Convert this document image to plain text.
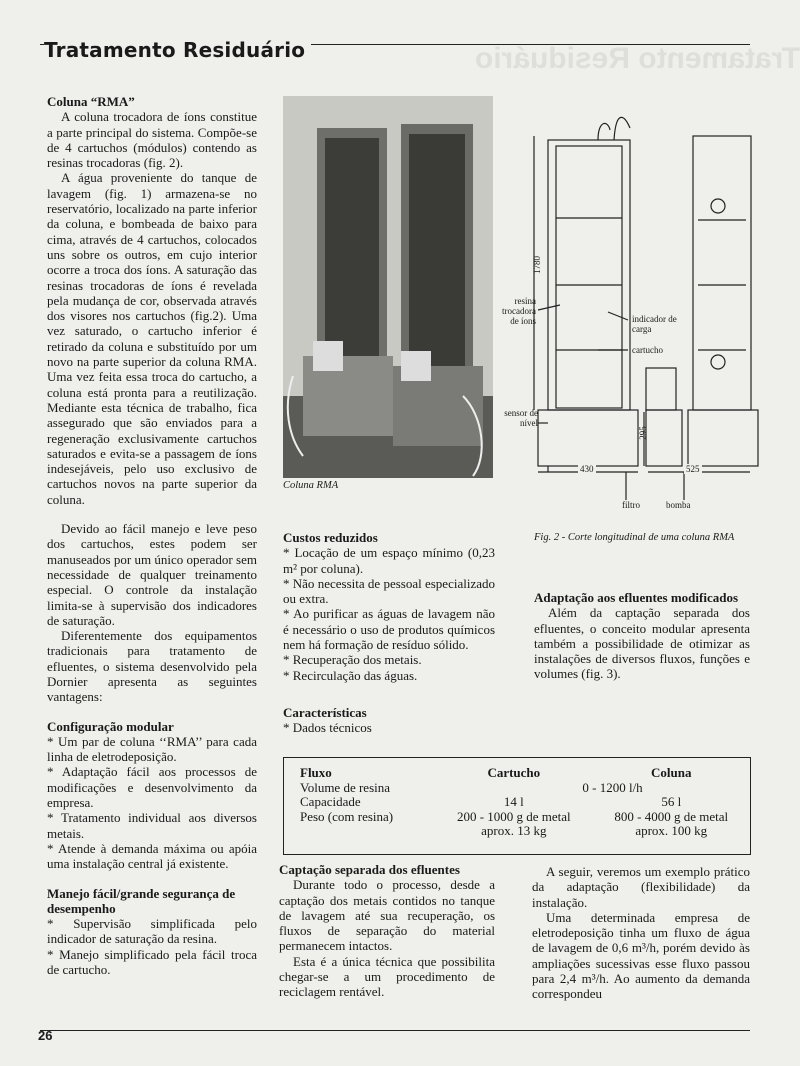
Tratamento Residuário
Tratamento Residuário
Coluna “RMA”

A coluna trocadora de íons constitue a parte principal do sistema. Compõe-se de 4 cartuchos (módulos) contendo as resinas trocadoras (fig. 2).

A água proveniente do tanque de lavagem (fig. 1) armazena-se no reservatório, localizado na parte inferior da coluna, e bombeada de baixo para cima, através de 4 cartuchos, colocados uns sobre os outros, em cujo interior ocorre a troca dos íons. A saturação das resinas trocadoras de íons é revelada pela mudança de cor, observada através dos visores nos cartuchos (fig.2). Uma vez saturado, o cartucho inferior é retirado da coluna e substituído por um novo na parte superior da coluna RMA. Uma vez feita essa troca do cartucho, a coluna está pronta para a reutilização. Mediante esta técnica de trabalho, fica assegurado que são enviados para a regeneração exclusivamente cartuchos saturados e evita-se a passagem de íons indesejáveis, pelo uso exclusivo de cartuchos novos na parte superior da coluna.

Devido ao fácil manejo e leve peso dos cartuchos, estes podem ser manuseados por um único operador sem necessidade de qualquer treinamento especial. O controle da instalação limita-se à supervisão dos indicadores de saturação.

Diferentemente dos equipamentos tradicionais para tratamento de efluentes, o sistema desenvolvido pela Dornier apresenta as seguintes vantagens:

Configuração modular

* Um par de coluna ‘‘RMA’’ para cada linha de eletrodeposição.

* Adaptação fácil aos processos de modificações e desenvolvimento da empresa.

* Tratamento individual aos diversos metais.

* Atende à demanda máxima ou apóia uma instalação central já existente.

Manejo fácil/grande segurança de desempenho

* Supervisão simplificada pelo indicador de saturação da resina.

* Manejo simplificado pela fácil troca de cartucho.

Coluna RMA
resina trocadora de íons	indicador de carga
cartucho
sensor de nível
filtro	bomba
1780
295
430	525
Fig. 2 - Corte longitudinal de uma coluna RMA
Custos reduzidos

* Locação de um espaço mínimo (0,23 m² por coluna).

* Não necessita de pessoal especializado ou extra.

* Ao purificar as águas de lavagem não é necessário o uso de produtos químicos nem há formação de resíduo sólido.

* Recuperação dos metais.

* Recirculação das águas.

Características

* Dados técnicos

Adaptação aos efluentes modificados

Além da captação separada dos efluentes, o conceito modular apresenta também a possibilidade de otimizar as instalações de diversos fluxos, funções e volumes (fig. 3).

Fluxo	Cartucho	Coluna
Volume de resina	0 - 1200 l/h	
Capacidade	14 l	56 l
Peso (com resina)	200 - 1000 g de metal	800 - 4000 g de metal
	aprox. 13 kg	aprox. 100 kg
Captação separada dos efluentes

Durante todo o processo, desde a captação dos metais contidos no tanque de lavagem até sua recuperação, os fluxos de separação do material permanecem intactos.

Esta é a única técnica que possibilita chegar-se a um procedimento de reciclagem rentável.

A seguir, veremos um exemplo prático da adaptação (flexibilidade) da instalação.

Uma determinada empresa de eletrodeposição tinha um fluxo de água de lavagem de 0,6 m³/h, porém devido às ampliações sucessivas esse fluxo passou para 2,4 m³/h. Ao aumento da demanda correspondeu

26
